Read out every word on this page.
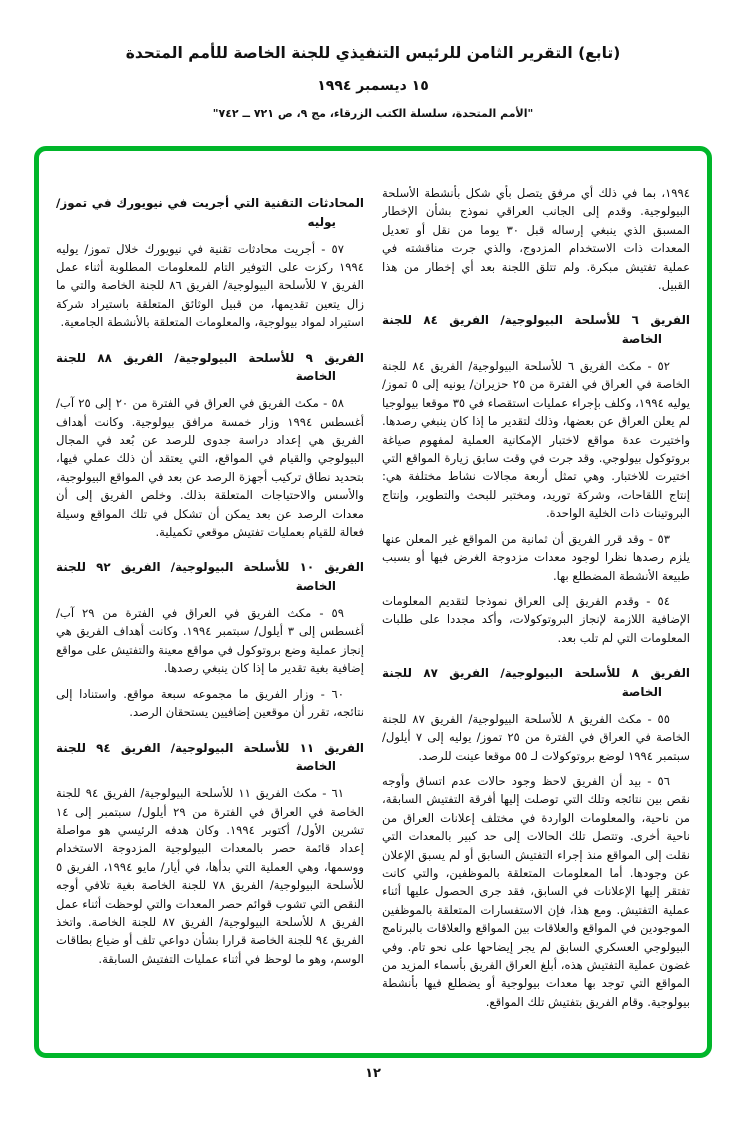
(تابع) التقرير الثامن للرئيس التنفيذي للجنة الخاصة للأمم المتحدة
١٥ ديسمبر ١٩٩٤
"الأمم المتحدة، سلسلة الكتب الزرقاء، مج ٩، ص ٧٢١ ــ ٧٤٢"

١٩٩٤، بما في ذلك أي مرفق يتصل بأي شكل بأنشطة الأسلحة البيولوجية. وقدم إلى الجانب العراقي نموذج بشأن الإخطار المسبق الذي ينبغي إرساله قبل ٣٠ يوما من نقل أو تعديل المعدات ذات الاستخدام المزدوج، والذي جرت مناقشته في عملية تفتيش مبكرة. ولم تتلق اللجنة بعد أي إخطار من هذا القبيل.

الفريق ٦ للأسلحة البيولوجية/ الفريق ٨٤ للجنة الخاصة

٥٢ - مكث الفريق ٦ للأسلحة البيولوجية/ الفريق ٨٤ للجنة الخاصة في العراق في الفترة من ٢٥ حزيران/ يونيه إلى ٥ تموز/ يوليه ١٩٩٤، وكلف بإجراء عمليات استقصاء في ٣٥ موقعا بيولوجيا لم يعلن العراق عن بعضها، وذلك لتقدير ما إذا كان ينبغي رصدها. واختيرت عدة مواقع لاختبار الإمكانية العملية لمفهوم صياغة بروتوكول بيولوجي. وقد جرت في وقت سابق زيارة المواقع التي اختيرت للاختبار. وهي تمثل أربعة مجالات نشاط مختلفة هي: إنتاج اللقاحات، وشركة توريد، ومختبر للبحث والتطوير، وإنتاج البروتينات ذات الخلية الواحدة.

٥٣ - وقد قرر الفريق أن ثمانية من المواقع غير المعلن عنها يلزم رصدها نظرا لوجود معدات مزدوجة الغرض فيها أو بسبب طبيعة الأنشطة المضطلع بها.

٥٤ - وقدم الفريق إلى العراق نموذجا لتقديم المعلومات الإضافية اللازمة لإنجاز البروتوكولات، وأكد مجددا على طلبات المعلومات التي لم تلب بعد.

الفريق ٨ للأسلحة البيولوجية/ الفريق ٨٧ للجنة الخاصة

٥٥ - مكث الفريق ٨ للأسلحة البيولوجية/ الفريق ٨٧ للجنة الخاصة في العراق في الفترة من ٢٥ تموز/ يوليه إلى ٧ أيلول/ سبتمبر ١٩٩٤ لوضع بروتوكولات لـ ٥٥ موقعا عينت للرصد.

٥٦ - بيد أن الفريق لاحظ وجود حالات عدم اتساق وأوجه نقص بين نتائجه وتلك التي توصلت إليها أفرقة التفتيش السابقة، من ناحية، والمعلومات الواردة في مختلف إعلانات العراق من ناحية أخرى. وتتصل تلك الحالات إلى حد كبير بالمعدات التي نقلت إلى المواقع منذ إجراء التفتيش السابق أو لم يسبق الإعلان عن وجودها. أما المعلومات المتعلقة بالموظفين، والتي كانت تفتقر إليها الإعلانات في السابق، فقد جرى الحصول عليها أثناء عملية التفتيش. ومع هذا، فإن الاستفسارات المتعلقة بالموظفين الموجودين في المواقع والعلاقات بين المواقع والعلاقات بالبرنامج البيولوجي العسكري السابق لم يجر إيضاحها على نحو تام. وفي غضون عملية التفتيش هذه، أبلغ العراق الفريق بأسماء المزيد من المواقع التي توجد بها معدات بيولوجية أو يضطلع فيها بأنشطة بيولوجية. وقام الفريق بتفتيش تلك المواقع.

المحادثات التقنية التي أجريت في نيويورك في تموز/ يوليه

٥٧ - أجريت محادثات تقنية في نيويورك خلال تموز/ يوليه ١٩٩٤ ركزت على التوفير التام للمعلومات المطلوبة أثناء عمل الفريق ٧ للأسلحة البيولوجية/ الفريق ٨٦ للجنة الخاصة والتي ما زال يتعين تقديمها، من قبيل الوثائق المتعلقة باستيراد شركة استيراد لمواد بيولوجية، والمعلومات المتعلقة بالأنشطة الجامعية.

الفريق ٩ للأسلحة البيولوجية/ الفريق ٨٨ للجنة الخاصة

٥٨ - مكث الفريق في العراق في الفترة من ٢٠ إلى ٢٥ آب/ أغسطس ١٩٩٤ وزار خمسة مرافق بيولوجية. وكانت أهداف الفريق هي إعداد دراسة جدوى للرصد عن بُعد في المجال البيولوجي والقيام في المواقع، التي يعتقد أن ذلك عملي فيها، بتحديد نطاق تركيب أجهزة الرصد عن بعد في المواقع البيولوجية، والأسس والاحتياجات المتعلقة بذلك. وخلص الفريق إلى أن معدات الرصد عن بعد يمكن أن تشكل في تلك المواقع وسيلة فعالة للقيام بعمليات تفتيش موقعي تكميلية.

الفريق ١٠ للأسلحة البيولوجية/ الفريق ٩٢ للجنة الخاصة

٥٩ - مكث الفريق في العراق في الفترة من ٢٩ آب/ أغسطس إلى ٣ أيلول/ سبتمبر ١٩٩٤. وكانت أهداف الفريق هي إنجاز عملية وضع بروتوكول في مواقع معينة والتفتيش على مواقع إضافية بغية تقدير ما إذا كان ينبغي رصدها.

٦٠ - وزار الفريق ما مجموعه سبعة مواقع. واستنادا إلى نتائجه، تقرر أن موقعين إضافيين يستحقان الرصد.

الفريق ١١ للأسلحة البيولوجية/ الفريق ٩٤ للجنة الخاصة

٦١ - مكث الفريق ١١ للأسلحة البيولوجية/ الفريق ٩٤ للجنة الخاصة في العراق في الفترة من ٢٩ أيلول/ سبتمبر إلى ١٤ تشرين الأول/ أكتوبر ١٩٩٤. وكان هدفه الرئيسي هو مواصلة إعداد قائمة حصر بالمعدات البيولوجية المزدوجة الاستخدام ووسمها، وهي العملية التي بدأها، في أيار/ مايو ١٩٩٤، الفريق ٥ للأسلحة البيولوجية/ الفريق ٧٨ للجنة الخاصة بغية تلافي أوجه النقص التي تشوب قوائم حصر المعدات والتي لوحظت أثناء عمل الفريق ٨ للأسلحة البيولوجية/ الفريق ٨٧ للجنة الخاصة. واتخذ الفريق ٩٤ للجنة الخاصة قرارا بشأن دواعي تلف أو ضياع بطاقات الوسم، وهو ما لوحظ في أثناء عمليات التفتيش السابقة.

١٢
